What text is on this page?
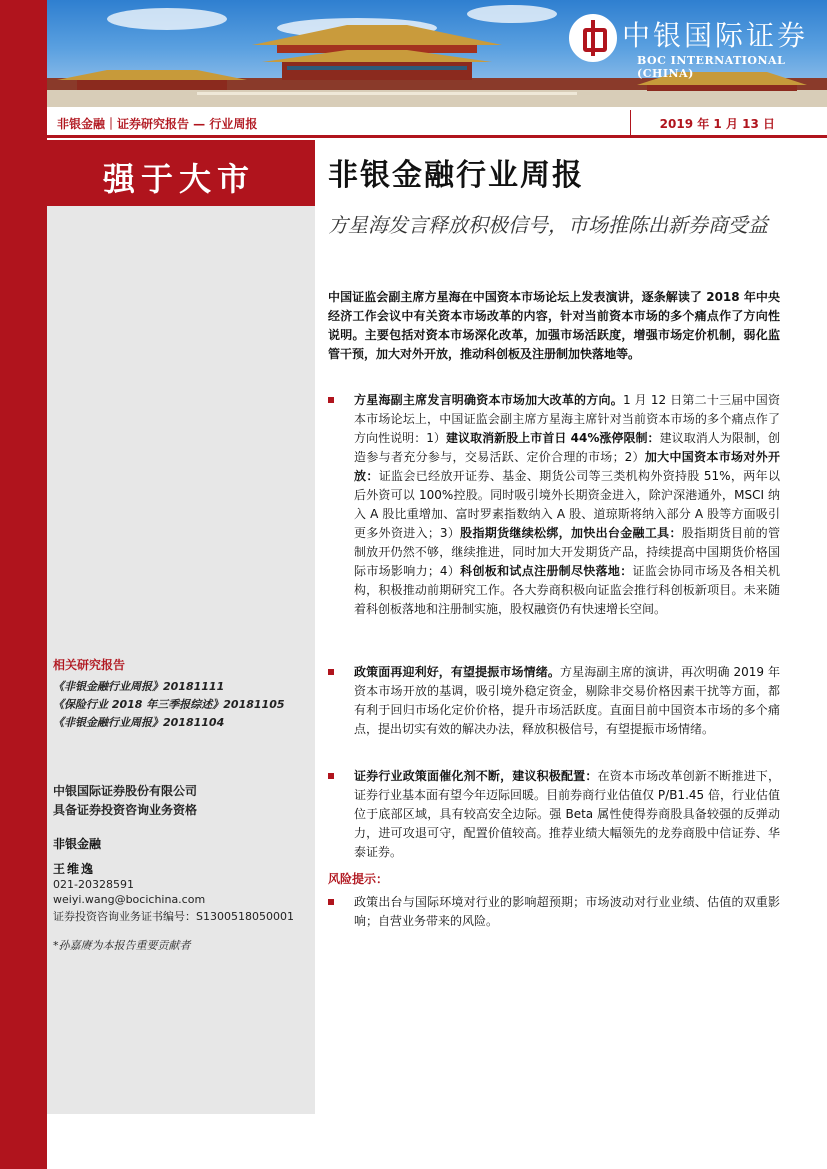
中银国际证券
BOC INTERNATIONAL (CHINA)
非银金融｜证券研究报告 — 行业周报	2019 年 1 月 13 日
强于大市
相关研究报告
《非银金融行业周报》20181111
《保险行业 2018 年三季报综述》20181105
《非银金融行业周报》20181104
中银国际证券股份有限公司
具备证券投资咨询业务资格
非银金融
王维逸
021-20328591
weiyi.wang@bocichina.com
证券投资咨询业务证书编号：S1300518050001
*孙嘉赓为本报告重要贡献者
非银金融行业周报
方星海发言释放积极信号，市场推陈出新券商受益
中国证监会副主席方星海在中国资本市场论坛上发表演讲，逐条解读了 2018 年中央经济工作会议中有关资本市场改革的内容，针对当前资本市场的多个痛点作了方向性说明。主要包括对资本市场深化改革，加强市场活跃度，增强市场定价机制，弱化监管干预，加大对外开放，推动科创板及注册制加快落地等。
方星海副主席发言明确资本市场加大改革的方向。1 月 12 日第二十三届中国资本市场论坛上，中国证监会副主席方星海主席针对当前资本市场的多个痛点作了方向性说明：1）建议取消新股上市首日 44%涨停限制：建议取消人为限制，创造参与者充分参与，交易活跃、定价合理的市场；2）加大中国资本市场对外开放：证监会已经放开证券、基金、期货公司等三类机构外资持股 51%，两年以后外资可以 100%控股。同时吸引境外长期资金进入，除沪深港通外，MSCI 纳入 A 股比重增加、富时罗素指数纳入 A 股、道琼斯将纳入部分 A 股等方面吸引更多外资进入；3）股指期货继续松绑，加快出台金融工具：股指期货目前的管制放开仍然不够，继续推进，同时加大开发期货产品，持续提高中国期货价格国际市场影响力；4）科创板和试点注册制尽快落地：证监会协同市场及各相关机构，积极推动前期研究工作。各大券商积极向证监会推行科创板新项目。未来随着科创板落地和注册制实施，股权融资仍有快速增长空间。
政策面再迎利好，有望提振市场情绪。方星海副主席的演讲，再次明确 2019 年资本市场开放的基调，吸引境外稳定资金，剔除非交易价格因素干扰等方面，都有利于回归市场化定价价格，提升市场活跃度。直面目前中国资本市场的多个痛点，提出切实有效的解决办法，释放积极信号，有望提振市场情绪。
证券行业政策面催化剂不断，建议积极配置：在资本市场改革创新不断推进下，证券行业基本面有望今年迈际回暖。目前券商行业估值仅 P/B1.45 倍，行业估值位于底部区域，具有较高安全边际。强 Beta 属性使得券商股具备较强的反弹动力，进可攻退可守，配置价值较高。推荐业绩大幅领先的龙券商股中信证券、华泰证券。
风险提示：
政策出台与国际环境对行业的影响超预期；市场波动对行业业绩、估值的双重影响；自营业务带来的风险。
